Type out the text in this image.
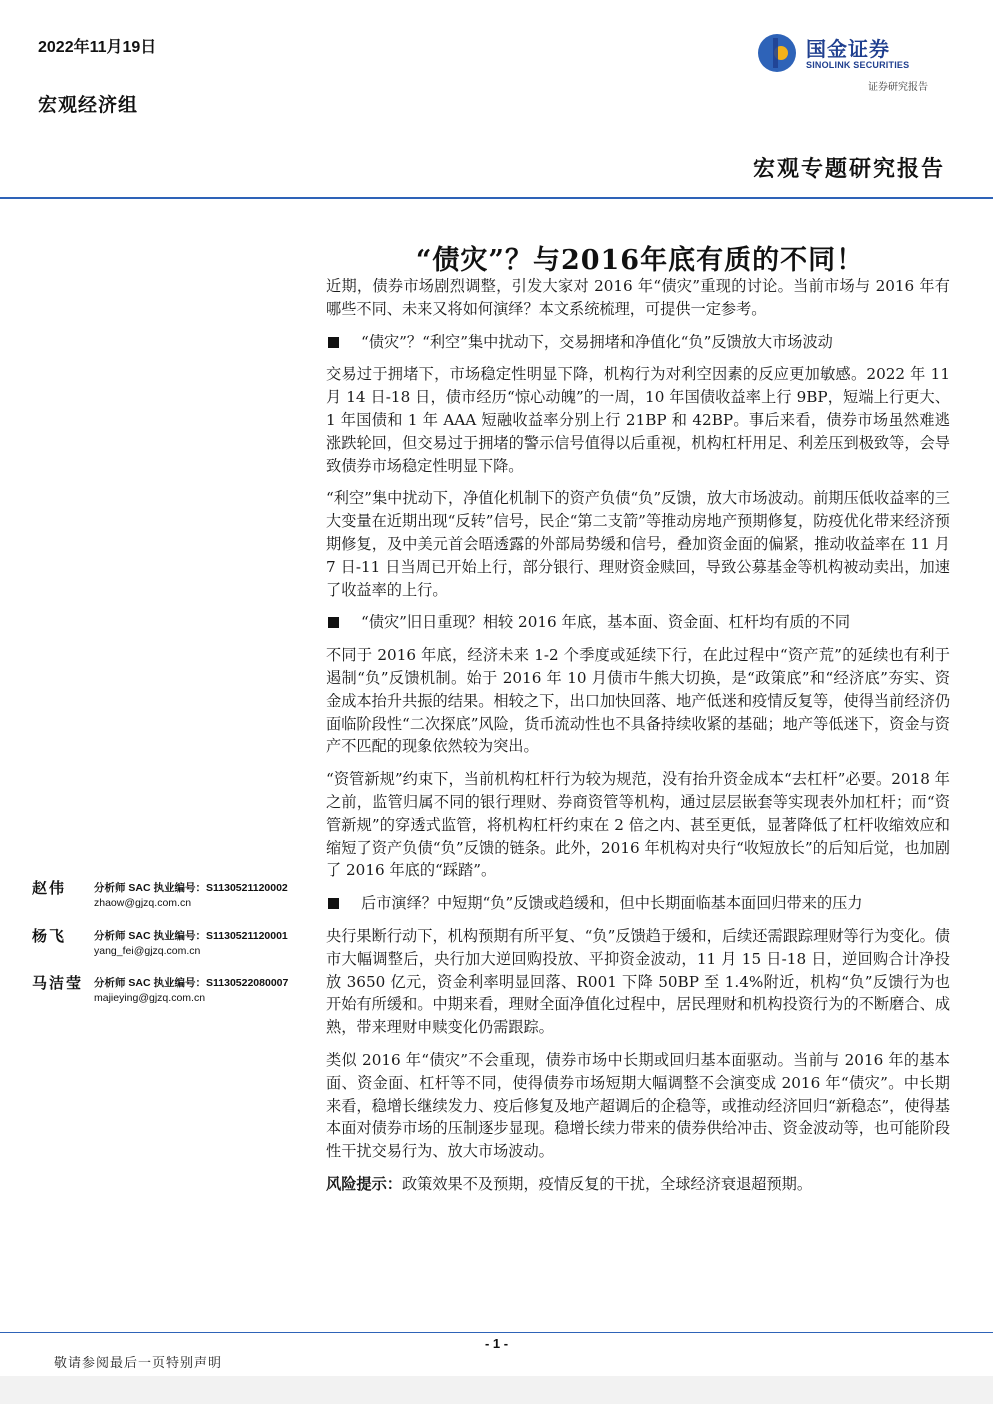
2022年11月19日
宏观经济组
国金证券
SINOLINK SECURITIES
证券研究报告
宏观专题研究报告
“债灾”？与2016年底有质的不同！

近期，债券市场剧烈调整，引发大家对 2016 年“债灾”重现的讨论。当前市场与 2016 年有哪些不同、未来又将如何演绎？本文系统梳理，可提供一定参考。

“债灾”？“利空”集中扰动下，交易拥堵和净值化“负”反馈放大市场波动

交易过于拥堵下，市场稳定性明显下降，机构行为对利空因素的反应更加敏感。2022 年 11 月 14 日-18 日，债市经历“惊心动魄”的一周，10 年国债收益率上行 9BP，短端上行更大、1 年国债和 1 年 AAA 短融收益率分别上行 21BP 和 42BP。事后来看，债券市场虽然难逃涨跌轮回，但交易过于拥堵的警示信号值得以后重视，机构杠杆用足、利差压到极致等，会导致债券市场稳定性明显下降。

“利空”集中扰动下，净值化机制下的资产负债“负”反馈，放大市场波动。前期压低收益率的三大变量在近期出现“反转”信号，民企“第二支箭”等推动房地产预期修复，防疫优化带来经济预期修复，及中美元首会晤透露的外部局势缓和信号，叠加资金面的偏紧，推动收益率在 11 月 7 日-11 日当周已开始上行，部分银行、理财资金赎回，导致公募基金等机构被动卖出，加速了收益率的上行。

“债灾”旧日重现？相较 2016 年底，基本面、资金面、杠杆均有质的不同

不同于 2016 年底，经济未来 1-2 个季度或延续下行，在此过程中“资产荒”的延续也有利于遏制“负”反馈机制。始于 2016 年 10 月债市牛熊大切换，是“政策底”和“经济底”夯实、资金成本抬升共振的结果。相较之下，出口加快回落、地产低迷和疫情反复等，使得当前经济仍面临阶段性“二次探底”风险，货币流动性也不具备持续收紧的基础；地产等低迷下，资金与资产不匹配的现象依然较为突出。

“资管新规”约束下，当前机构杠杆行为较为规范，没有抬升资金成本“去杠杆”必要。2018 年之前，监管归属不同的银行理财、券商资管等机构，通过层层嵌套等实现表外加杠杆；而“资管新规”的穿透式监管，将机构杠杆约束在 2 倍之内、甚至更低，显著降低了杠杆收缩效应和缩短了资产负债“负”反馈的链条。此外，2016 年机构对央行“收短放长”的后知后觉，也加剧了 2016 年底的“踩踏”。

后市演绎？中短期“负”反馈或趋缓和，但中长期面临基本面回归带来的压力

央行果断行动下，机构预期有所平复、“负”反馈趋于缓和，后续还需跟踪理财等行为变化。债市大幅调整后，央行加大逆回购投放、平抑资金波动，11 月 15 日-18 日，逆回购合计净投放 3650 亿元，资金利率明显回落、R001 下降 50BP 至 1.4%附近，机构“负”反馈行为也开始有所缓和。中期来看，理财全面净值化过程中，居民理财和机构投资行为的不断磨合、成熟，带来理财申赎变化仍需跟踪。

类似 2016 年“债灾”不会重现，债券市场中长期或回归基本面驱动。当前与 2016 年的基本面、资金面、杠杆等不同，使得债券市场短期大幅调整不会演变成 2016 年“债灾”。中长期来看，稳增长继续发力、疫后修复及地产超调后的企稳等，或推动经济回归“新稳态”，使得基本面对债券市场的压制逐步显现。稳增长续力带来的债券供给冲击、资金波动等，也可能阶段性干扰交易行为、放大市场波动。

风险提示：政策效果不及预期，疫情反复的干扰，全球经济衰退超预期。

赵伟	分析师 SAC 执业编号：S1130521120002
zhaow@gjzq.com.cn
杨飞	分析师 SAC 执业编号：S1130521120001
yang_fei@gjzq.com.cn
马洁莹 分析师 SAC 执业编号：S1130522080007
majieying@gjzq.com.cn
- 1 -
敬请参阅最后一页特别声明
